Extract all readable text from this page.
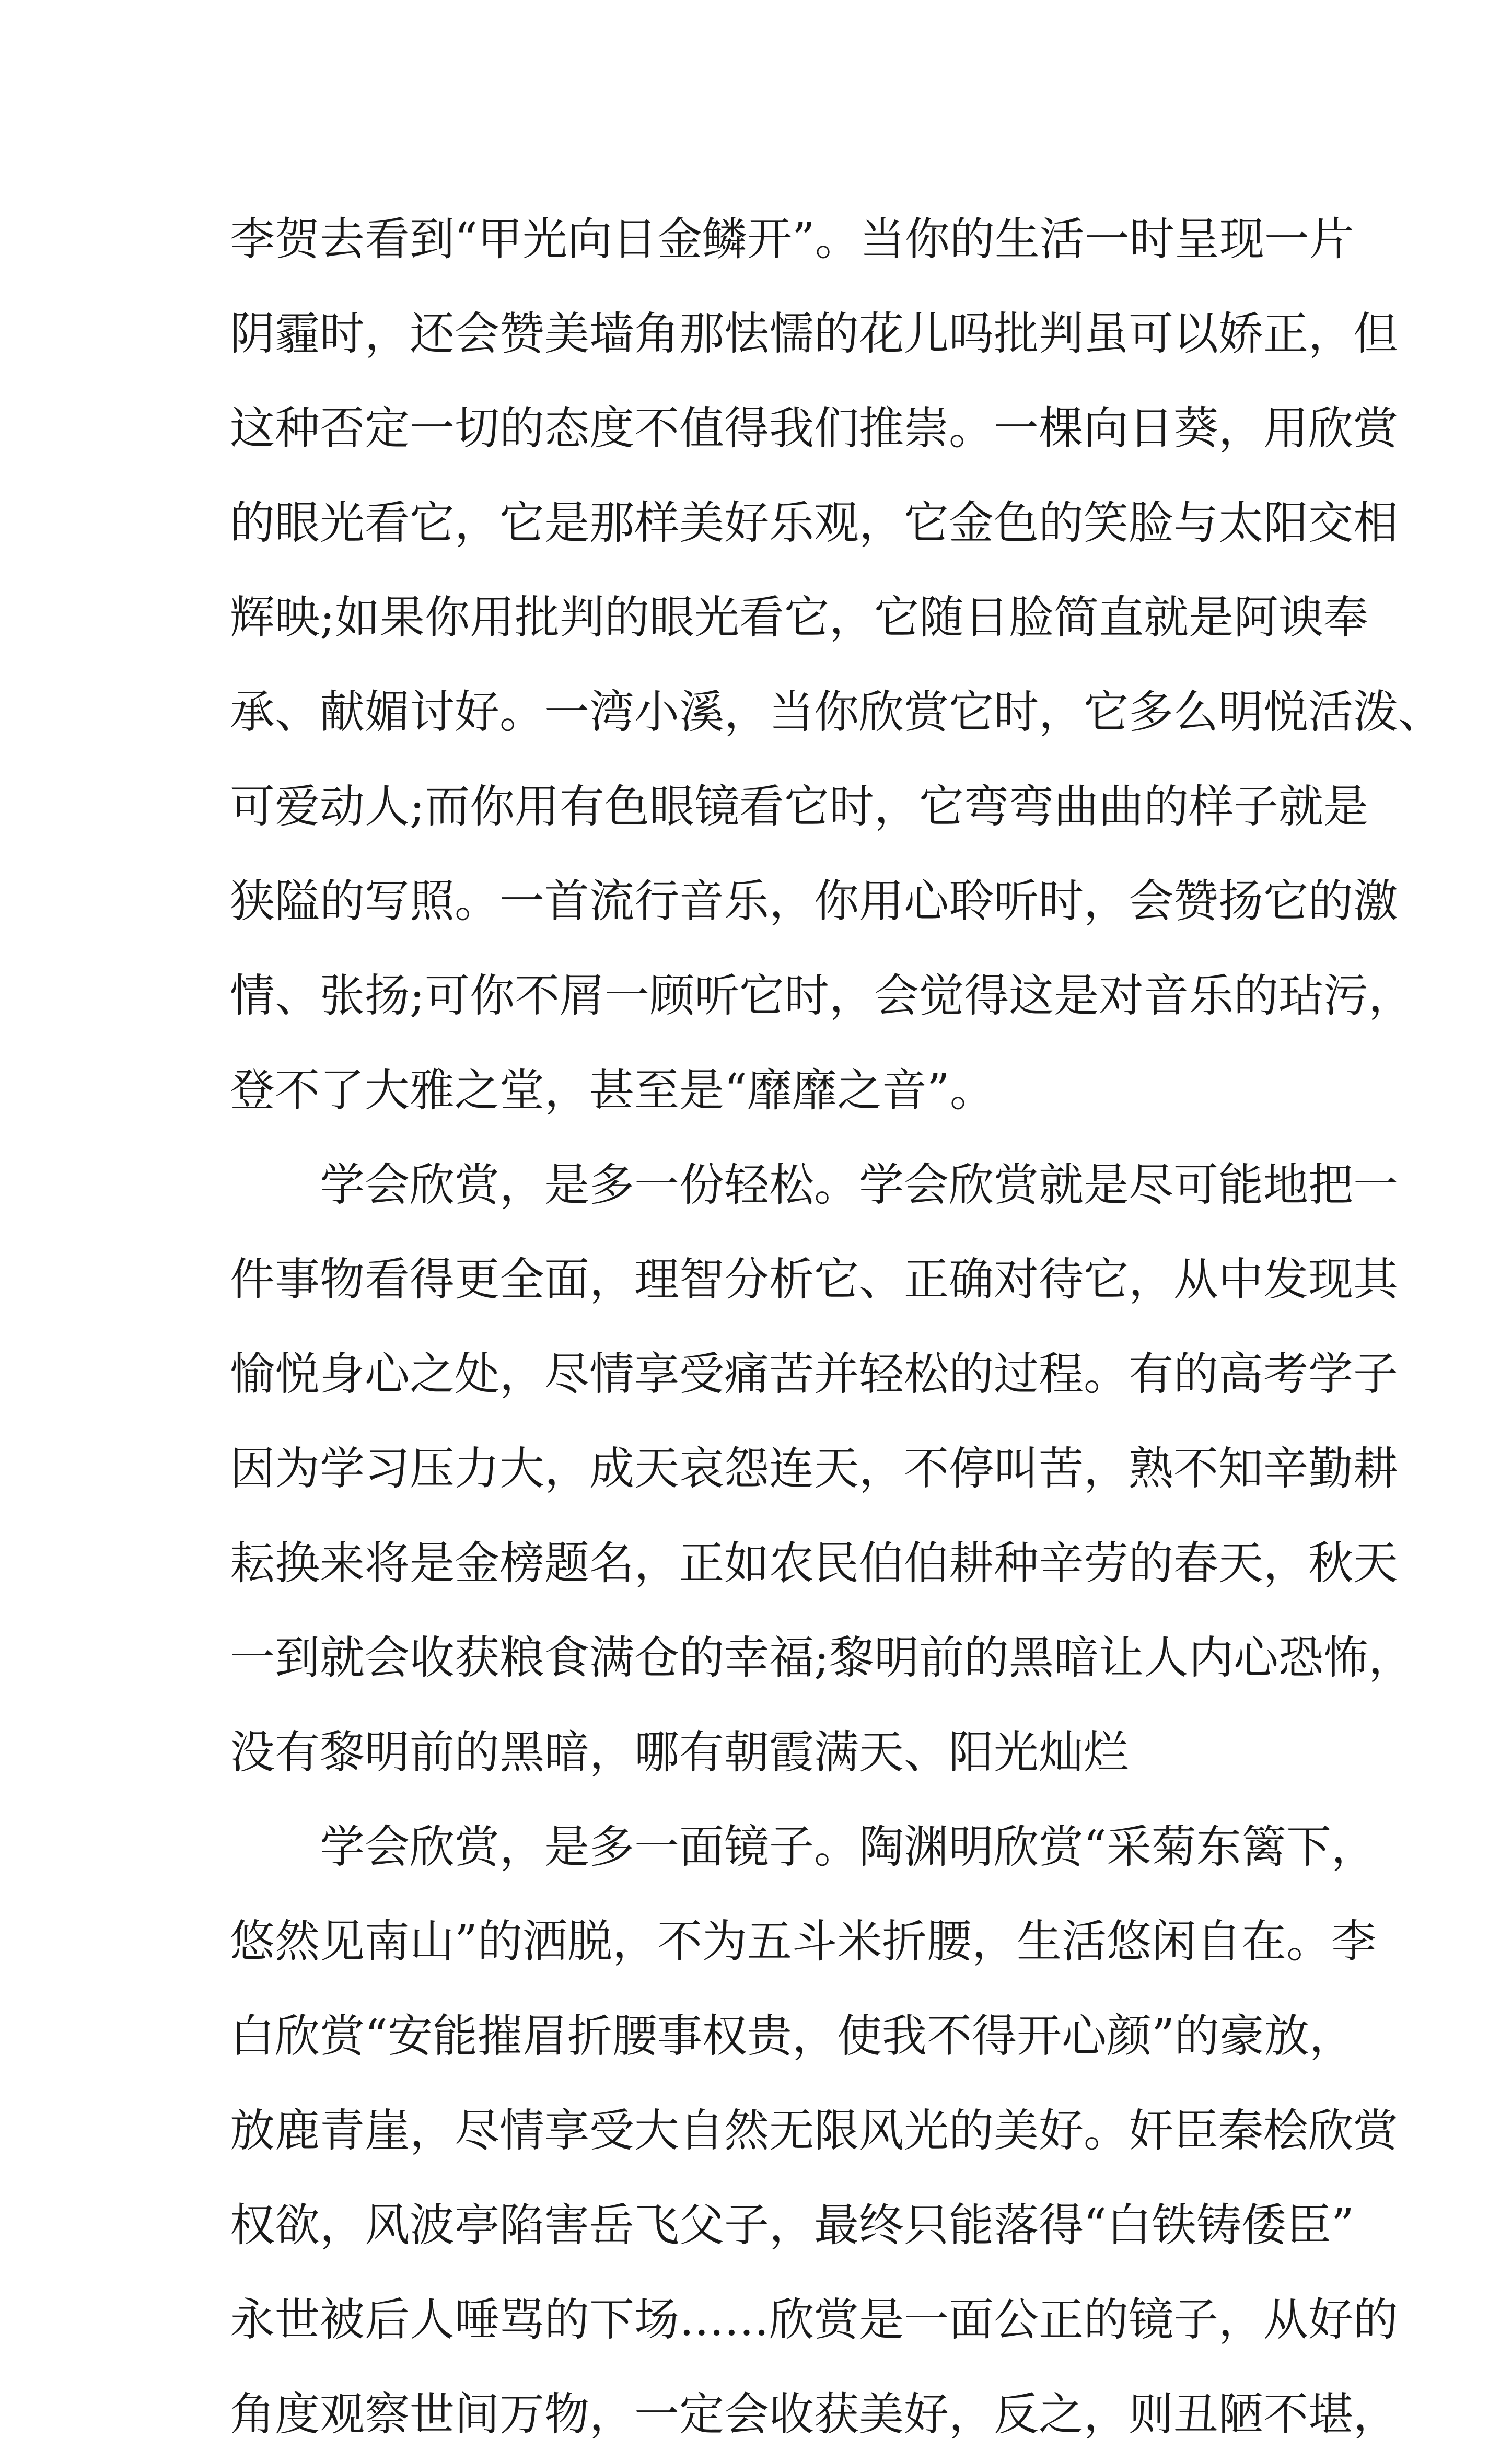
李贺去看到“甲光向日金鳞开”。当你的生活一时呈现一片
阴霾时，还会赞美墙角那怯懦的花儿吗批判虽可以娇正，但
这种否定一切的态度不值得我们推崇。一棵向日葵，用欣赏
的眼光看它，它是那样美好乐观，它金色的笑脸与太阳交相
辉映;如果你用批判的眼光看它，它随日脸简直就是阿谀奉
承、献媚讨好。一湾小溪，当你欣赏它时，它多么明悦活泼、
可爱动人;而你用有色眼镜看它时，它弯弯曲曲的样子就是
狭隘的写照。一首流行音乐，你用心聆听时，会赞扬它的激
情、张扬;可你不屑一顾听它时，会觉得这是对音乐的玷污，
登不了大雅之堂，甚至是“靡靡之音”。
学会欣赏，是多一份轻松。学会欣赏就是尽可能地把一
件事物看得更全面，理智分析它、正确对待它，从中发现其
愉悦身心之处，尽情享受痛苦并轻松的过程。有的高考学子
因为学习压力大，成天哀怨连天，不停叫苦，熟不知辛勤耕
耘换来将是金榜题名，正如农民伯伯耕种辛劳的春天，秋天
一到就会收获粮食满仓的幸福;黎明前的黑暗让人内心恐怖，
没有黎明前的黑暗，哪有朝霞满天、阳光灿烂
学会欣赏，是多一面镜子。陶渊明欣赏“采菊东篱下，
悠然见南山”的洒脱，不为五斗米折腰，生活悠闲自在。李
白欣赏“安能摧眉折腰事权贵，使我不得开心颜”的豪放，
放鹿青崖，尽情享受大自然无限风光的美好。奸臣秦桧欣赏
权欲，风波亭陷害岳飞父子，最终只能落得“白铁铸倭臣”
永世被后人唾骂的下场……欣赏是一面公正的镜子，从好的
角度观察世间万物，一定会收获美好，反之，则丑陋不堪，
